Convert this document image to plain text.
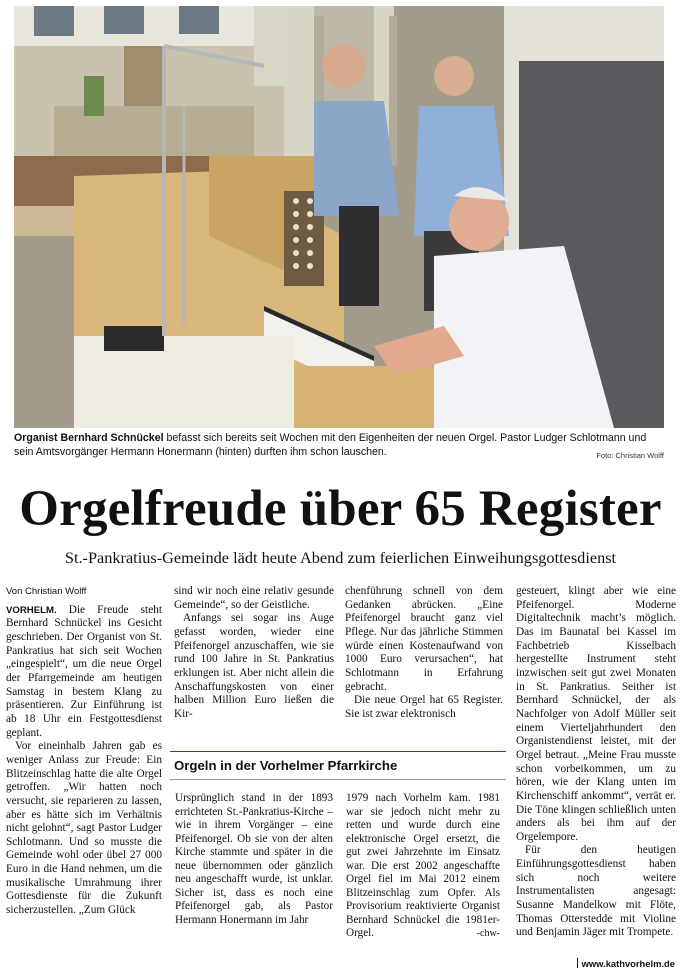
Organist Bernhard Schnückel befasst sich bereits seit Wochen mit den Eigenheiten der neuen Orgel. Pastor Ludger Schlotmann und sein Amtsvorgänger Hermann Honermann (hinten) durften ihm schon lauschen.	Foto: Christian Wolff
Orgelfreude über 65 Register
St.-Pankratius-Gemeinde lädt heute Abend zum feierlichen Einweihungsgottesdienst
Von Christian Wolff

VORHELM. Die Freude steht Bernhard Schnückel ins Gesicht geschrieben. Der Organist von St. Pankratius hat sich seit Wochen „eingespielt“, um die neue Orgel der Pfarrgemeinde am heutigen Samstag in bestem Klang zu präsentieren. Zur Einführung ist ab 18 Uhr ein Festgottesdienst geplant.

Vor eineinhalb Jahren gab es weniger Anlass zur Freude: Ein Blitzeinschlag hatte die alte Orgel getroffen. „Wir hatten noch versucht, sie reparieren zu lassen, aber es hätte sich im Verhältnis nicht gelohnt“, sagt Pastor Ludger Schlotmann. Und so musste die Gemeinde wohl oder übel 27 000 Euro in die Hand nehmen, um die musikalische Umrahmung ihrer Gottesdienste für die Zukunft sicherzustellen. „Zum Glück

sind wir noch eine relativ gesunde Gemeinde“, so der Geistliche.

Anfangs sei sogar ins Auge gefasst worden, wieder eine Pfeifenorgel anzuschaffen, wie sie rund 100 Jahre in St. Pankratius erklungen ist. Aber nicht allein die Anschaffungskosten von einer halben Million Euro ließen die Kir-

chenführung schnell von dem Gedanken abrücken. „Eine Pfeifenorgel braucht ganz viel Pflege. Nur das jährliche Stimmen würde einen Kostenaufwand von 1000 Euro verursachen“, hat Schlotmann in Erfahrung gebracht.

Die neue Orgel hat 65 Register. Sie ist zwar elektronisch

gesteuert, klingt aber wie eine Pfeifenorgel. Moderne Digitaltechnik macht’s möglich. Das im Baunatal bei Kassel im Fachbetrieb Kisselbach hergestellte Instrument steht inzwischen seit gut zwei Monaten in St. Pankratius. Seither ist Bernhard Schnückel, der als Nachfolger von Adolf Müller seit einem Vierteljahrhundert den Organistendienst leistet, mit der Orgel betraut. „Meine Frau musste schon vorbeikommen, um zu hören, wie der Klang unten im Kirchenschiff ankommt“, verrät er. Die Töne klingen schließlich unten anders als bei ihm auf der Orgelempore.

Für den heutigen Einführungsgottesdienst haben sich noch weitere Instrumentalisten angesagt: Susanne Mandelkow mit Flöte, Thomas Otterstedde mit Violine und Benjamin Jäger mit Trompete.

Orgeln in der Vorhelmer Pfarrkirche
Ursprünglich stand in der 1893 errichteten St.-Pankratius-Kirche – wie in ihrem Vorgänger – eine Pfeifenorgel. Ob sie von der alten Kirche stammte und später in die neue übernommen oder gänzlich neu angeschafft wurde, ist unklar. Sicher ist, dass es noch eine Pfeifenorgel gab, als Pastor Hermann Honermann im Jahr
1979 nach Vorhelm kam. 1981 war sie jedoch nicht mehr zu retten und wurde durch eine elektronische Orgel ersetzt, die gut zwei Jahrzehnte im Einsatz war. Die erst 2002 angeschaffte Orgel fiel im Mai 2012 einem Blitzeinschlag zum Opfer. Als Provisorium reaktivierte Organist Bernhard Schnückel die 1981er-Orgel.	-chw-
www.kathvorhelm.de
